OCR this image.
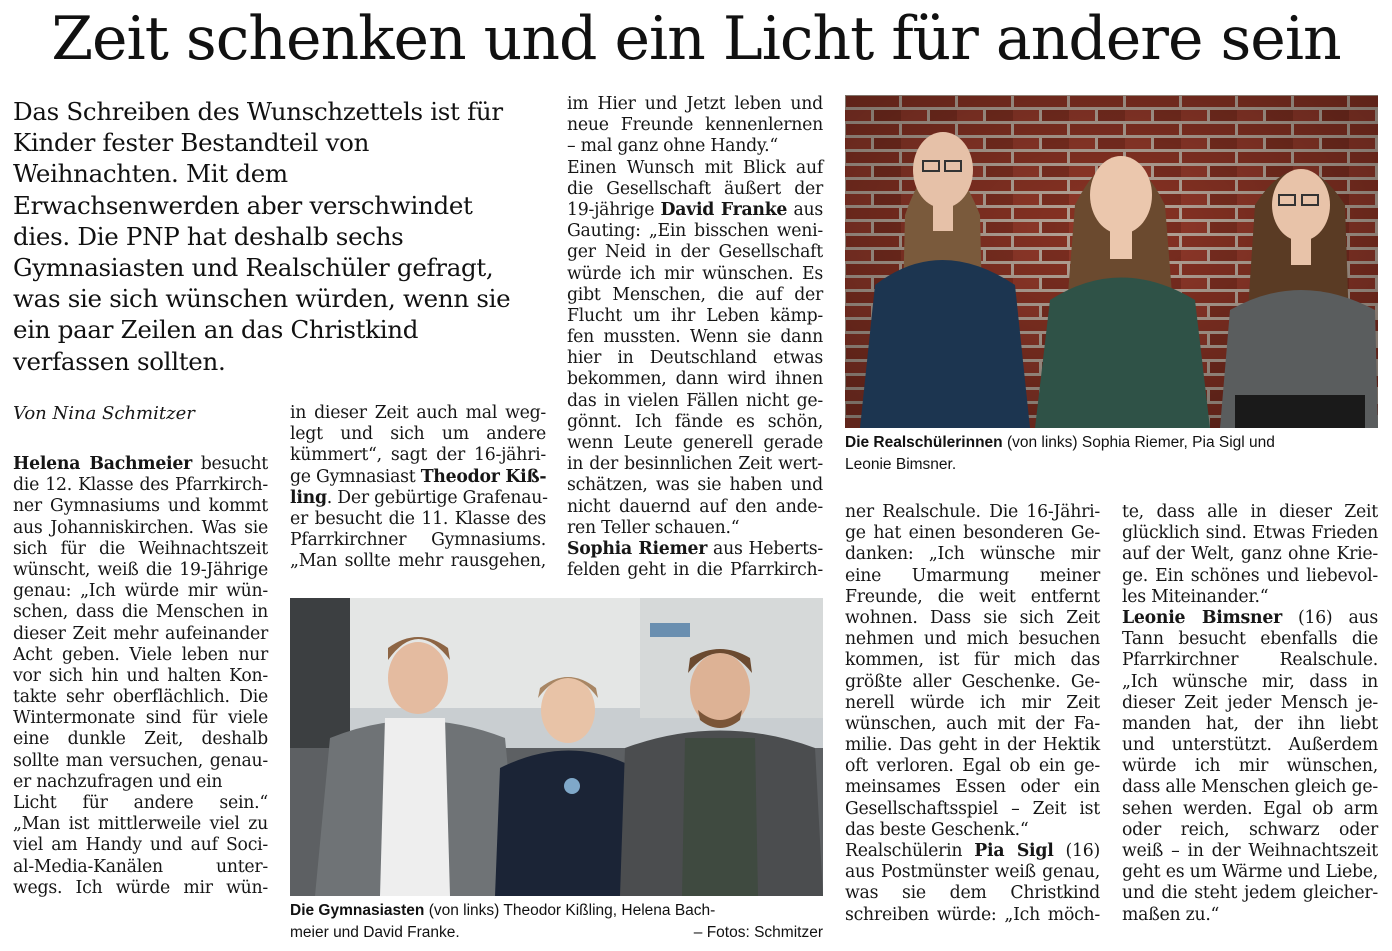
Zeit schenken und ein Licht für andere sein

Das Schreiben des Wunschzettels ist für

Kinder fester Bestandteil von

Weihnachten. Mit dem

Erwachsenwerden aber verschwindet

dies. Die PNP hat deshalb sechs

Gymnasiasten und Realschüler gefragt,

was sie sich wünschen würden, wenn sie

ein paar Zeilen an das Christkind

verfassen sollten.

Von Nina Schmitzer
Helena Bachmeier besucht
die 12. Klasse des Pfarrkirch-
ner Gymnasiums und kommt
aus Johanniskirchen. Was sie
sich für die Weihnachtszeit
wünscht, weiß die 19-Jährige
genau: „Ich würde mir wün-
schen, dass die Menschen in
dieser Zeit mehr aufeinander
Acht geben. Viele leben nur
vor sich hin und halten Kon-
takte sehr oberflächlich. Die
Wintermonate sind für viele
eine dunkle Zeit, deshalb
sollte man versuchen, genau-
er nachzufragen und ein
Licht für andere sein.“
„Man ist mittlerweile viel zu
viel am Handy und auf Soci-
al-Media-Kanälen unter-
wegs. Ich würde mir wün-
in dieser Zeit auch mal weg-
legt und sich um andere
kümmert“, sagt der 16-jähri-
ge Gymnasiast Theodor Kiß-
ling. Der gebürtige Grafenau-
er besucht die 11. Klasse des
Pfarrkirchner Gymnasiums.
„Man sollte mehr rausgehen,
im Hier und Jetzt leben und
neue Freunde kennenlernen
– mal ganz ohne Handy.“
Einen Wunsch mit Blick auf
die Gesellschaft äußert der
19-jährige David Franke aus
Gauting: „Ein bisschen weni-
ger Neid in der Gesellschaft
würde ich mir wünschen. Es
gibt Menschen, die auf der
Flucht um ihr Leben kämp-
fen mussten. Wenn sie dann
hier in Deutschland etwas
bekommen, dann wird ihnen
das in vielen Fällen nicht ge-
gönnt. Ich fände es schön,
wenn Leute generell gerade
in der besinnlichen Zeit wert-
schätzen, was sie haben und
nicht dauernd auf den ande-
ren Teller schauen.“
Sophia Riemer aus Heberts-
felden geht in die Pfarrkirch-
ner Realschule. Die 16-Jähri-
ge hat einen besonderen Ge-
danken: „Ich wünsche mir
eine Umarmung meiner
Freunde, die weit entfernt
wohnen. Dass sie sich Zeit
nehmen und mich besuchen
kommen, ist für mich das
größte aller Geschenke. Ge-
nerell würde ich mir Zeit
wünschen, auch mit der Fa-
milie. Das geht in der Hektik
oft verloren. Egal ob ein ge-
meinsames Essen oder ein
Gesellschaftsspiel – Zeit ist
das beste Geschenk.“
Realschülerin Pia Sigl (16)
aus Postmünster weiß genau,
was sie dem Christkind
schreiben würde: „Ich möch-
te, dass alle in dieser Zeit
glücklich sind. Etwas Frieden
auf der Welt, ganz ohne Krie-
ge. Ein schönes und liebevol-
les Miteinander.“
Leonie Bimsner (16) aus
Tann besucht ebenfalls die
Pfarrkirchner Realschule.
„Ich wünsche mir, dass in
dieser Zeit jeder Mensch je-
manden hat, der ihn liebt
und unterstützt. Außerdem
würde ich mir wünschen,
dass alle Menschen gleich ge-
sehen werden. Egal ob arm
oder reich, schwarz oder
weiß – in der Weihnachtszeit
geht es um Wärme und Liebe,
und die steht jedem gleicher-
maßen zu.“
Die Realschülerinnen (von links) Sophia Riemer, Pia Sigl und
Leonie Bimsner.
Die Gymnasiasten (von links) Theodor Kißling, Helena Bach-
meier und David Franke.	– Fotos: Schmitzer
